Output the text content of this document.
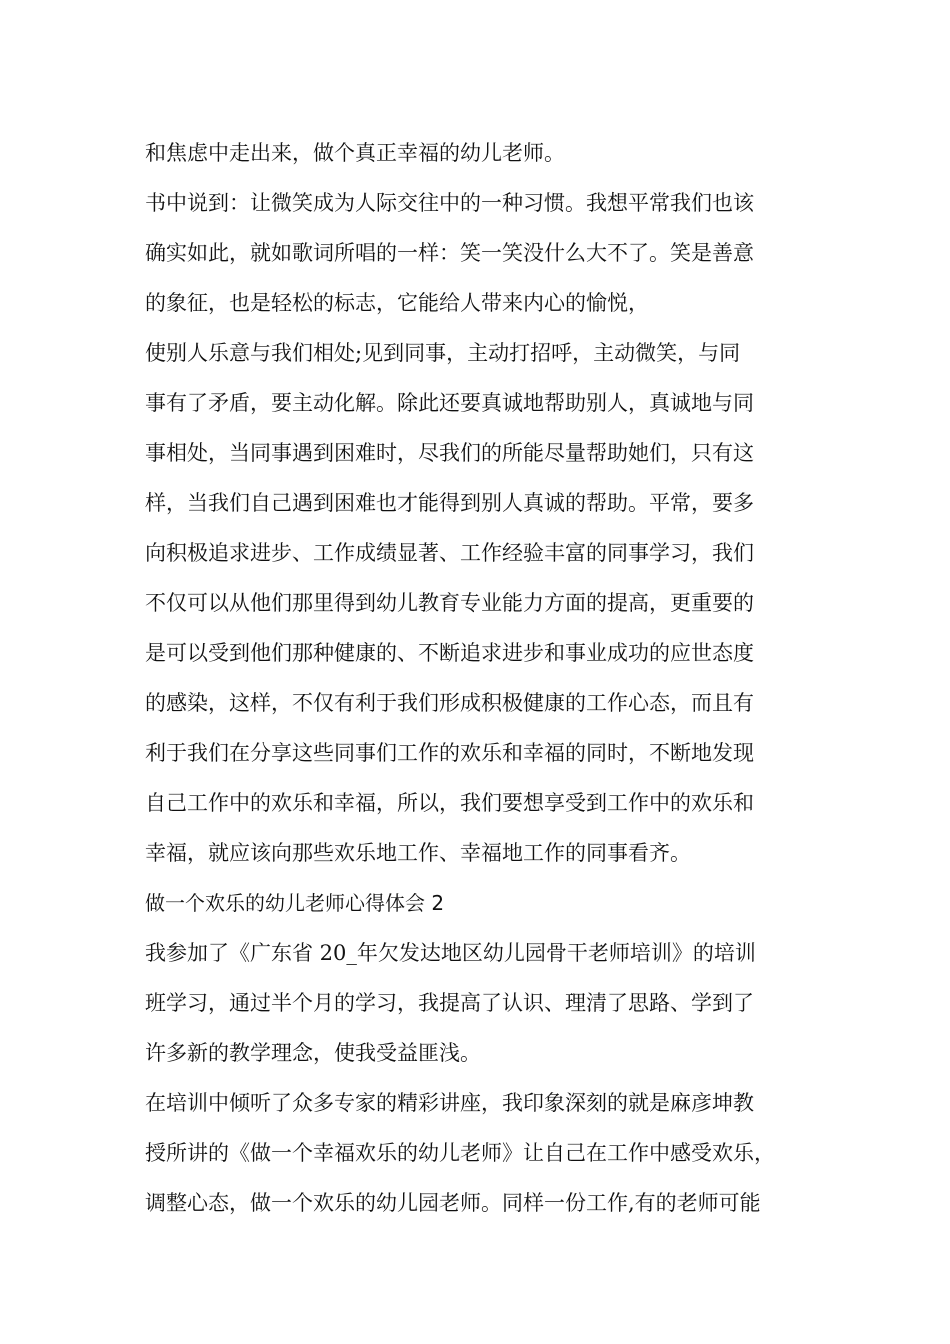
和焦虑中走出来，做个真正幸福的幼儿老师。
书中说到：让微笑成为人际交往中的一种习惯。我想平常我们也该
确实如此，就如歌词所唱的一样：笑一笑没什么大不了。笑是善意
的象征，也是轻松的标志，它能给人带来内心的愉悦，
使别人乐意与我们相处;见到同事，主动打招呼，主动微笑，与同
事有了矛盾，要主动化解。除此还要真诚地帮助别人，真诚地与同
事相处，当同事遇到困难时，尽我们的所能尽量帮助她们，只有这
样，当我们自己遇到困难也才能得到别人真诚的帮助。平常，要多
向积极追求进步、工作成绩显著、工作经验丰富的同事学习，我们
不仅可以从他们那里得到幼儿教育专业能力方面的提高，更重要的
是可以受到他们那种健康的、不断追求进步和事业成功的应世态度
的感染，这样，不仅有利于我们形成积极健康的工作心态，而且有
利于我们在分享这些同事们工作的欢乐和幸福的同时，不断地发现
自己工作中的欢乐和幸福，所以，我们要想享受到工作中的欢乐和
幸福，就应该向那些欢乐地工作、幸福地工作的同事看齐。
做一个欢乐的幼儿老师心得体会 2
我参加了《广东省 20_年欠发达地区幼儿园骨干老师培训》的培训
班学习，通过半个月的学习，我提高了认识、理清了思路、学到了
许多新的教学理念，使我受益匪浅。
在培训中倾听了众多专家的精彩讲座，我印象深刻的就是麻彦坤教
授所讲的《做一个幸福欢乐的幼儿老师》让自己在工作中感受欢乐，
调整心态，做一个欢乐的幼儿园老师。同样一份工作,有的老师可能
